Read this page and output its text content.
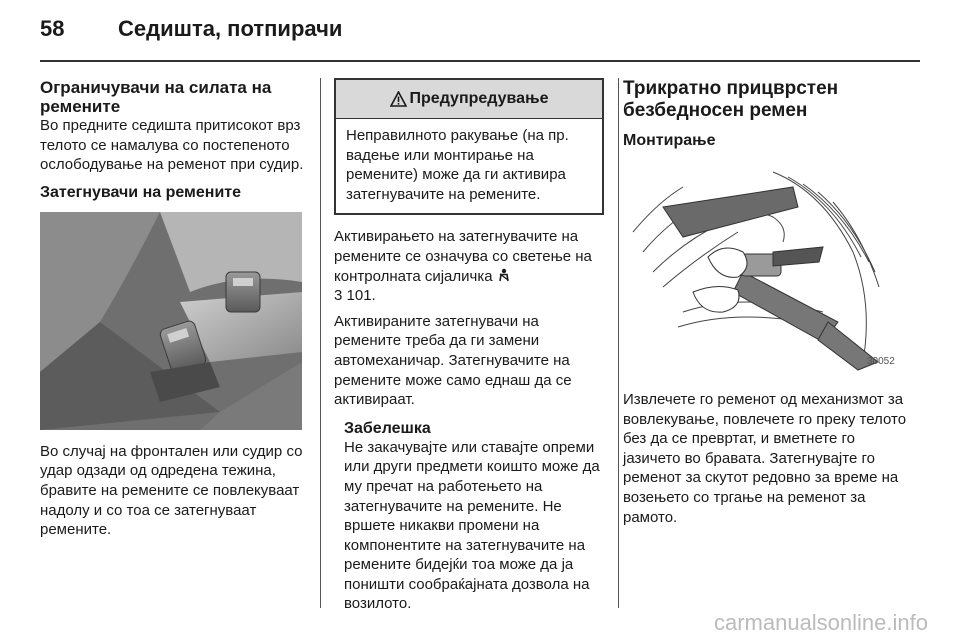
58 Седишта, потпирачи
Ограничувачи на силата на ремените

Во предните седишта притисокот врз телото се намалува со постепеното ослободување на ременот при судир.

Затегнувачи на ремените

Во случај на фронтален или судир со удар одзади од одредена тежина, бравите на ремените се повлекуваат надолу и со тоа се затегнуваат ремените.

Предупредување

Неправилното ракување (на пр. вадење или монтирање на ремените) може да ги активира затегнувачите на ремените.

Активирањето на затегнувачите на ремените се означува со светење на контролната сијаличка
3 101.

Активираните затегнувачи на ремените треба да ги замени автомеханичар. Затегнувачите на ремените може само еднаш да се активираат.

Забелешка

Не закачувајте или ставајте опреми или други предмети коишто може да му пречат на работењето на затегнувачите на ремените. Не вршете никакви промени на компонентите на затегнувачите на ремените бидејќи тоа може да ја поништи сообраќајната дозвола на возилото.

Трикратно прицврстен безбедносен ремен
Монтирање
30052

Извлечете го ременот од механизмот за вовлекување, повлечете го преку телото без да се превртат, и вметнете го јазичето во бравата. Затегнувајте го ременот за скутот редовно за време на возењето со тргање на ременот за рамото.

carmanualsonline.info
